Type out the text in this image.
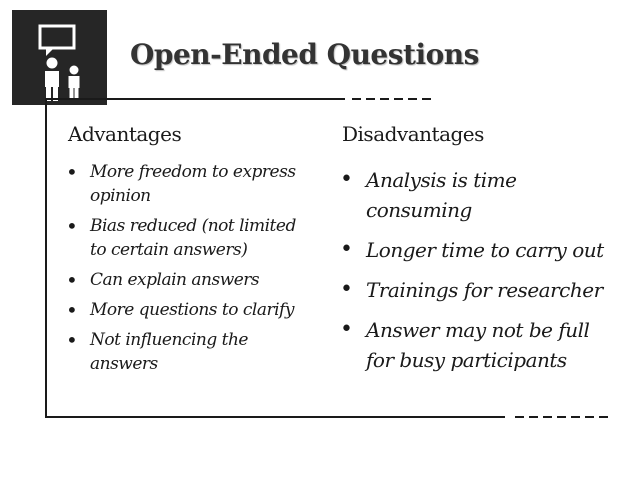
Open-Ended Questions
Advantages
• More freedom to express opinion
• Bias reduced (not limited to certain answers)
• Can explain answers
• More questions to clarify
• Not influencing the answers
Disadvantages
• Analysis is time consuming
• Longer time to carry out
• Trainings for researcher
• Answer may not be full for busy participants
